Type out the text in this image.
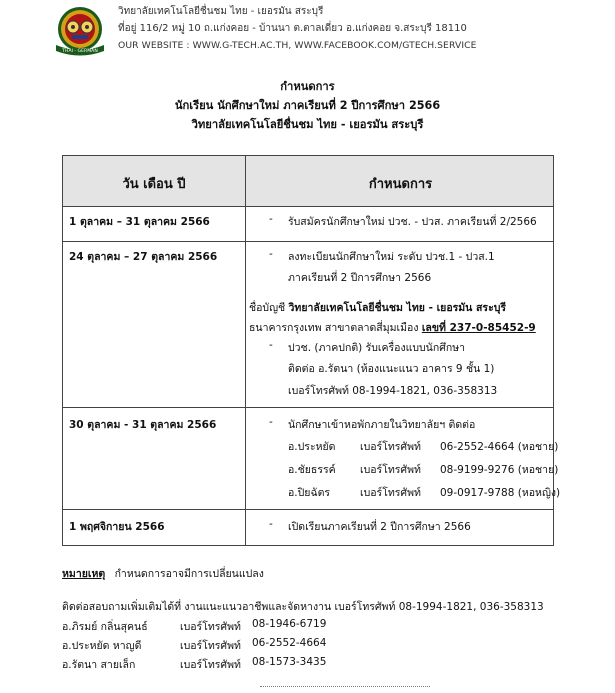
THAI - GERMAN
วิทยาลัยเทคโนโลยีชื่นชม ไทย - เยอรมัน สระบุรี
ที่อยู่ 116/2 หมู่ 10 ถ.แก่งคอย - บ้านนา ต.ตาลเดี่ยว อ.แก่งคอย จ.สระบุรี 18110
OUR WEBSITE : WWW.G-TECH.AC.TH, WWW.FACEBOOK.COM/GTECH.SERVICE
กำหนดการ
นักเรียน นักศึกษาใหม่ ภาคเรียนที่ 2 ปีการศึกษา 2566
วิทยาลัยเทคโนโลยีชื่นชม ไทย - เยอรมัน สระบุรี
วัน เดือน ปี	กำหนดการ
1 ตุลาคม – 31 ตุลาคม 2566	- รับสมัครนักศึกษาใหม่ ปวช. - ปวส. ภาคเรียนที่ 2/2566
24 ตุลาคม – 27 ตุลาคม 2566	- ลงทะเบียนนักศึกษาใหม่ ระดับ ปวช.1 - ปวส.1
ภาคเรียนที่ 2 ปีการศึกษา 2566
ชื่อบัญชี วิทยาลัยเทคโนโลยีชื่นชม ไทย - เยอรมัน สระบุรี
ธนาคารกรุงเทพ สาขาตลาดสี่มุมเมือง เลขที่ 237-0-85452-9
- ปวช. (ภาคปกติ) รับเครื่องแบบนักศึกษา
ติดต่อ อ.รัตนา (ห้องแนะแนว อาคาร 9 ชั้น 1)
เบอร์โทรศัพท์ 08-1994-1821, 036-358313
30 ตุลาคม - 31 ตุลาคม 2566	- นักศึกษาเข้าหอพักภายในวิทยาลัยฯ ติดต่อ
อ.ประหยัด เบอร์โทรศัพท์ 06-2552-4664 (หอชาย)
อ.ชัยธรรค์ เบอร์โทรศัพท์ 08-9199-9276 (หอชาย)
อ.ปิยฉัตร	เบอร์โทรศัพท์ 09-0917-9788 (หอหญิง)
1 พฤศจิกายน 2566	- เปิดเรียนภาคเรียนที่ 2 ปีการศึกษา 2566
หมายเหตุ กำหนดการอาจมีการเปลี่ยนแปลง
ติดต่อสอบถามเพิ่มเติมได้ที่ งานแนะแนวอาชีพและจัดหางาน เบอร์โทรศัพท์ 08-1994-1821, 036-358313
อ.ภิรมย์ กลิ่นสุคนธ์	เบอร์โทรศัพท์ 08-1946-6719
อ.ประหยัด หาญดี	เบอร์โทรศัพท์ 06-2552-4664
อ.รัตนา สายเล็ก	เบอร์โทรศัพท์ 08-1573-3435
